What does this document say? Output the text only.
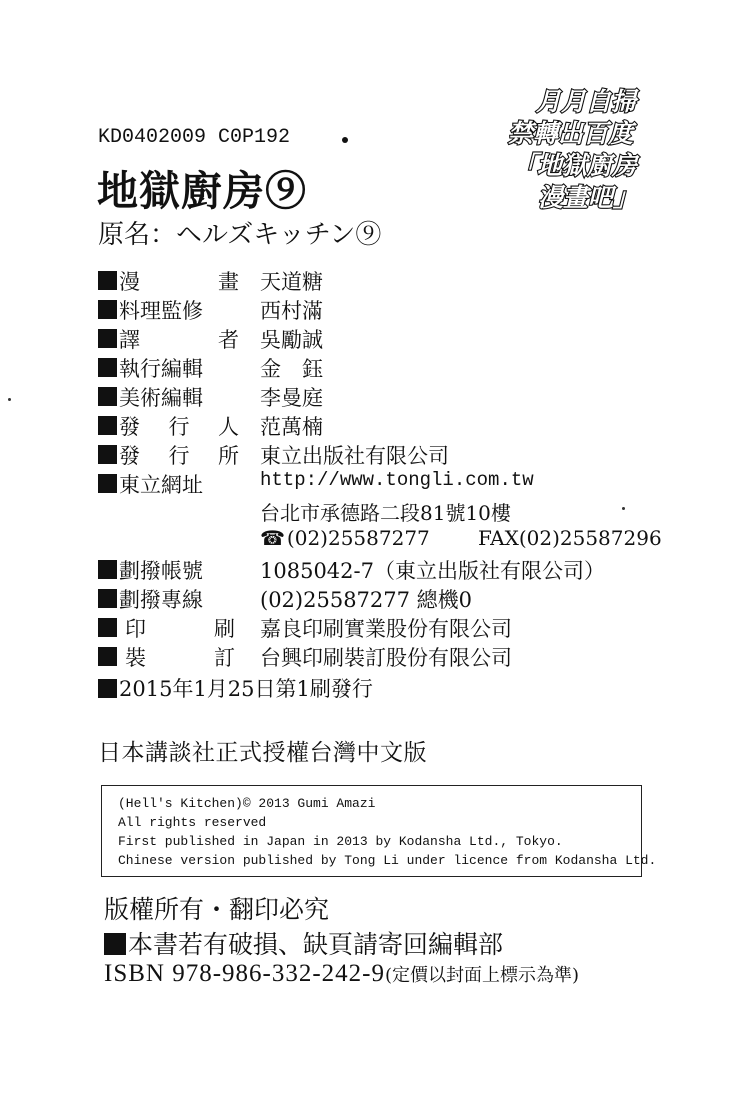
KD0402009 C0P192
地獄廚房⑨
原名：ヘルズキッチン⑨
月月自掃
禁轉出百度
「地獄廚房
漫畫吧」
漫	畫 天道糖
料理監修	西村滿
譯	者 吳勵誠
執行編輯	金　鈺
美術編輯	李曼庭
發 行 人 范萬楠
發 行 所 東立出版社有限公司
東立網址	http://www.tongli.com.tw
台北市承德路二段81號10樓
☎ (02)25587277 FAX(02)25587296
劃撥帳號	1085042-7（東立出版社有限公司）
劃撥專線	(02)25587277 總機0
印	刷 嘉良印刷實業股份有限公司
裝	訂 台興印刷裝訂股份有限公司
2015年1月25日第1刷發行
日本講談社正式授權台灣中文版
(Hell's Kitchen)© 2013 Gumi Amazi
All rights reserved
First published in Japan in 2013 by Kodansha Ltd., Tokyo.
Chinese version published by Tong Li under licence from Kodansha Ltd.
版權所有・翻印必究
本書若有破損、缺頁請寄回編輯部
ISBN 978-986-332-242-9(定價以封面上標示為準)
